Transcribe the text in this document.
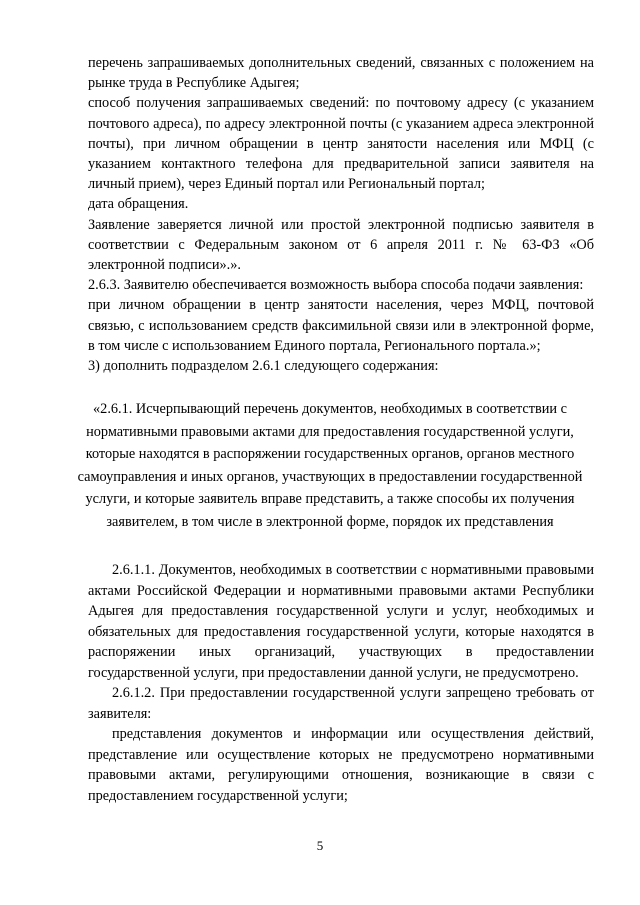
перечень запрашиваемых дополнительных сведений, связанных с положением на рынке труда в Республике Адыгея;

способ получения запрашиваемых сведений: по почтовому адресу (с указанием почтового адреса), по адресу электронной почты (с указанием адреса электронной почты), при личном обращении в центр занятости населения или МФЦ (с указанием контактного телефона для предварительной записи заявителя на личный прием), через Единый портал или Региональный портал;

дата обращения.

Заявление заверяется личной или простой электронной подписью заявителя в соответствии с Федеральным законом от 6 апреля 2011 г. № 63-ФЗ «Об электронной подписи».».

2.6.3. Заявителю обеспечивается возможность выбора способа подачи заявления:

при личном обращении в центр занятости населения, через МФЦ, почтовой связью, с использованием средств факсимильной связи или в электронной форме, в том числе с использованием Единого портала, Регионального портала.»;

3) дополнить подразделом 2.6.1 следующего содержания:

«2.6.1. Исчерпывающий перечень документов, необходимых в соответствии с нормативными правовыми актами для предоставления государственной услуги, которые находятся в распоряжении государственных органов, органов местного самоуправления и иных органов, участвующих в предоставлении государственной услуги, и которые заявитель вправе представить, а также способы их получения заявителем, в том числе в электронной форме, порядок их представления

2.6.1.1. Документов, необходимых в соответствии с нормативными правовыми актами Российской Федерации и нормативными правовыми актами Республики Адыгея для предоставления государственной услуги и услуг, необходимых и обязательных для предоставления государственной услуги, которые находятся в распоряжении иных организаций, участвующих в предоставлении государственной услуги, при предоставлении данной услуги, не предусмотрено.

2.6.1.2. При предоставлении государственной услуги запрещено требовать от заявителя:

представления документов и информации или осуществления действий, представление или осуществление которых не предусмотрено нормативными правовыми актами, регулирующими отношения, возникающие в связи с предоставлением государственной услуги;

5
